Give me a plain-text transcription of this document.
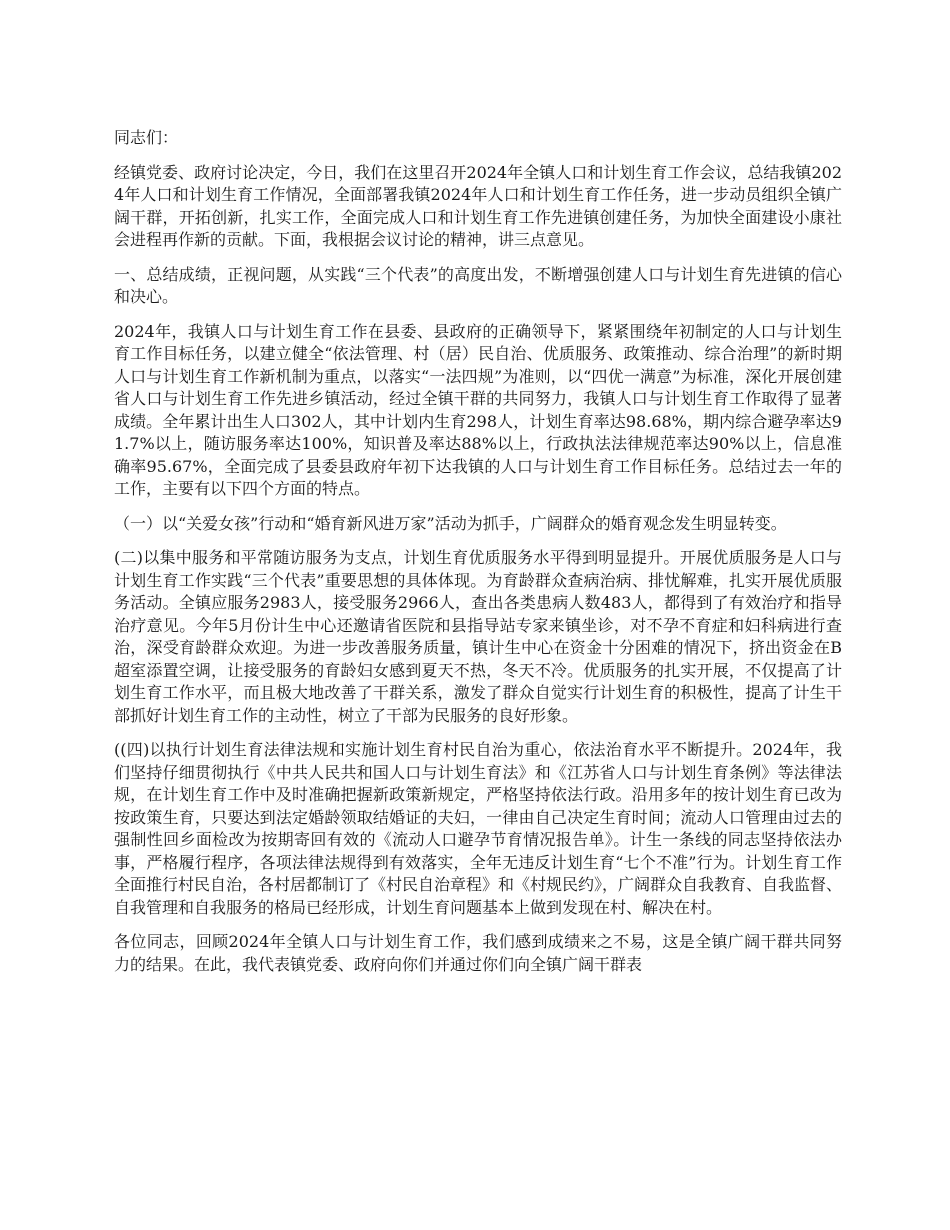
同志们：

经镇党委、政府讨论决定，今日，我们在这里召开2024年全镇人口和计划生育工作会议，总结我镇2024年人口和计划生育工作情况，全面部署我镇2024年人口和计划生育工作任务，进一步动员组织全镇广阔干群，开拓创新，扎实工作，全面完成人口和计划生育工作先进镇创建任务，为加快全面建设小康社会进程再作新的贡献。下面，我根据会议讨论的精神，讲三点意见。

一、总结成绩，正视问题，从实践“三个代表”的高度出发，不断增强创建人口与计划生育先进镇的信心和决心。

2024年，我镇人口与计划生育工作在县委、县政府的正确领导下，紧紧围绕年初制定的人口与计划生育工作目标任务，以建立健全“依法管理、村（居）民自治、优质服务、政策推动、综合治理”的新时期人口与计划生育工作新机制为重点，以落实“一法四规”为准则，以“四优一满意”为标准，深化开展创建省人口与计划生育工作先进乡镇活动，经过全镇干群的共同努力，我镇人口与计划生育工作取得了显著成绩。全年累计出生人口302人，其中计划内生育298人，计划生育率达98.68%，期内综合避孕率达91.7%以上，随访服务率达100%，知识普及率达88%以上，行政执法法律规范率达90%以上，信息准确率95.67%，全面完成了县委县政府年初下达我镇的人口与计划生育工作目标任务。总结过去一年的工作，主要有以下四个方面的特点。

（一）以“关爱女孩”行动和“婚育新风进万家”活动为抓手，广阔群众的婚育观念发生明显转变。

(二)以集中服务和平常随访服务为支点，计划生育优质服务水平得到明显提升。开展优质服务是人口与计划生育工作实践“三个代表”重要思想的具体体现。为育龄群众查病治病、排忧解难，扎实开展优质服务活动。全镇应服务2983人，接受服务2966人，查出各类患病人数483人，都得到了有效治疗和指导治疗意见。今年5月份计生中心还邀请省医院和县指导站专家来镇坐诊，对不孕不育症和妇科病进行查治，深受育龄群众欢迎。为进一步改善服务质量，镇计生中心在资金十分困难的情况下，挤出资金在B超室添置空调，让接受服务的育龄妇女感到夏天不热，冬天不冷。优质服务的扎实开展，不仅提高了计划生育工作水平，而且极大地改善了干群关系，激发了群众自觉实行计划生育的积极性，提高了计生干部抓好计划生育工作的主动性，树立了干部为民服务的良好形象。

((四)以执行计划生育法律法规和实施计划生育村民自治为重心，依法治育水平不断提升。2024年，我们坚持仔细贯彻执行《中共人民共和国人口与计划生育法》和《江苏省人口与计划生育条例》等法律法规，在计划生育工作中及时准确把握新政策新规定，严格坚持依法行政。沿用多年的按计划生育已改为按政策生育，只要达到法定婚龄领取结婚证的夫妇，一律由自己决定生育时间；流动人口管理由过去的强制性回乡面检改为按期寄回有效的《流动人口避孕节育情况报告单》。计生一条线的同志坚持依法办事，严格履行程序，各项法律法规得到有效落实，全年无违反计划生育“七个不准”行为。计划生育工作全面推行村民自治，各村居都制订了《村民自治章程》和《村规民约》，广阔群众自我教育、自我监督、自我管理和自我服务的格局已经形成，计划生育问题基本上做到发现在村、解决在村。

各位同志，回顾2024年全镇人口与计划生育工作，我们感到成绩来之不易，这是全镇广阔干群共同努力的结果。在此，我代表镇党委、政府向你们并通过你们向全镇广阔干群表
